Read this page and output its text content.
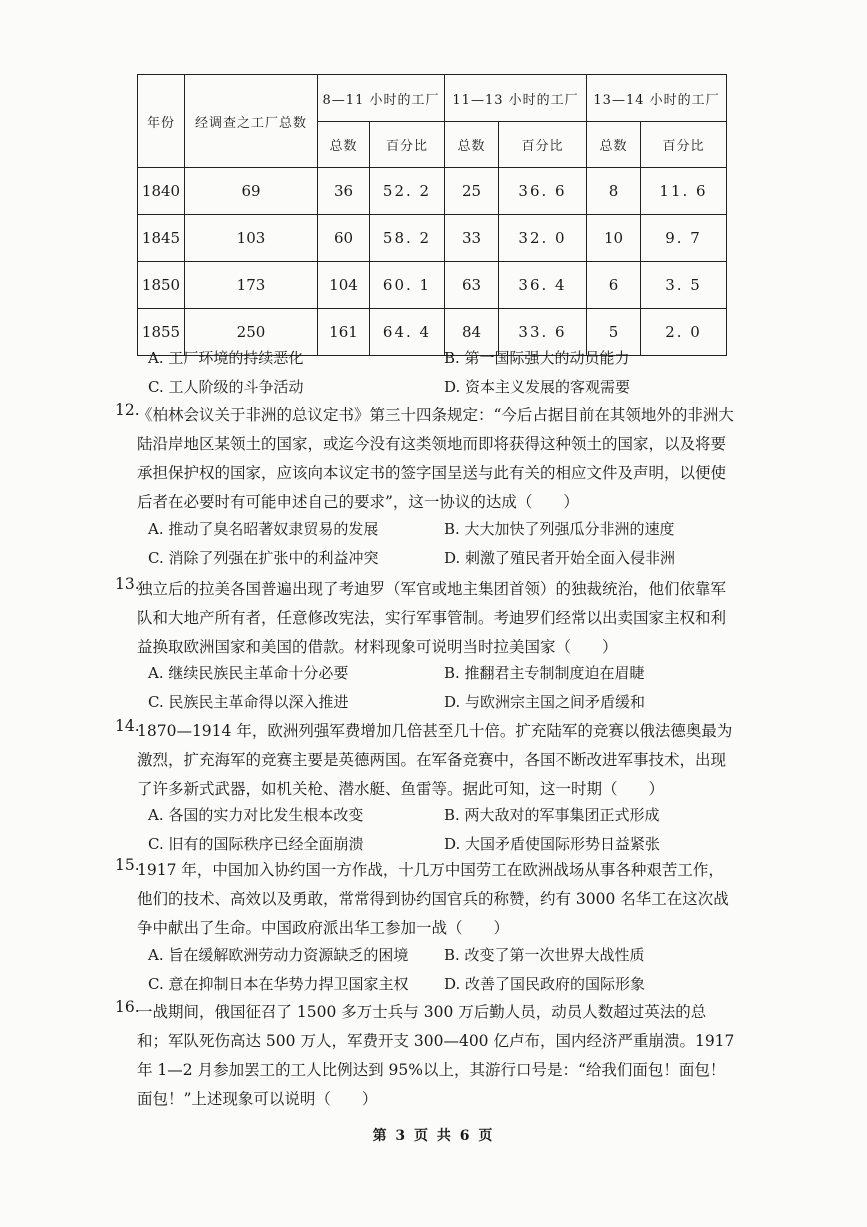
年份	经调查之工厂总数	8—11 小时的工厂		11—13 小时的工厂		13—14 小时的工厂	
		总数	百分比	总数	百分比	总数	百分比
1840	69	36	52. 2	25	36. 6	8	11. 6
1845	103	60	58. 2	33	32. 0	10	9. 7
1850	173	104	60. 1	63	36. 4	6	3. 5
1855	250	161	64. 4	84	33. 6	5	2. 0
A. 工厂环境的持续恶化	B. 第一国际强大的动员能力
C. 工人阶级的斗争活动	D. 资本主义发展的客观需要
12.

《柏林会议关于非洲的总议定书》第三十四条规定：“今后占据目前在其领地外的非洲大陆沿岸地区某领土的国家，或迄今没有这类领地而即将获得这种领土的国家，以及将要承担保护权的国家，应该向本议定书的签字国呈送与此有关的相应文件及声明，以便使后者在必要时有可能申述自己的要求”，这一协议的达成（　　）

A. 推动了臭名昭著奴隶贸易的发展	B. 大大加快了列强瓜分非洲的速度
C. 消除了列强在扩张中的利益冲突	D. 刺激了殖民者开始全面入侵非洲
13.

独立后的拉美各国普遍出现了考迪罗（军官或地主集团首领）的独裁统治，他们依靠军队和大地产所有者，任意修改宪法，实行军事管制。考迪罗们经常以出卖国家主权和利益换取欧洲国家和美国的借款。材料现象可说明当时拉美国家（　　）

A. 继续民族民主革命十分必要	B. 推翻君主专制制度迫在眉睫
C. 民族民主革命得以深入推进	D. 与欧洲宗主国之间矛盾缓和
14.

1870—1914 年，欧洲列强军费增加几倍甚至几十倍。扩充陆军的竞赛以俄法德奥最为激烈，扩充海军的竞赛主要是英德两国。在军备竞赛中，各国不断改进军事技术，出现了许多新式武器，如机关枪、潜水艇、鱼雷等。据此可知，这一时期（　　）

A. 各国的实力对比发生根本改变	B. 两大敌对的军事集团正式形成
C. 旧有的国际秩序已经全面崩溃	D. 大国矛盾使国际形势日益紧张
15.

1917 年，中国加入协约国一方作战，十几万中国劳工在欧洲战场从事各种艰苦工作，他们的技术、高效以及勇敢，常常得到协约国官兵的称赞，约有 3000 名华工在这次战争中献出了生命。中国政府派出华工参加一战（　　）

A. 旨在缓解欧洲劳动力资源缺乏的困境 B. 改变了第一次世界大战性质
C. 意在抑制日本在华势力捍卫国家主权 D. 改善了国民政府的国际形象
16.

一战期间，俄国征召了 1500 多万士兵与 300 万后勤人员，动员人数超过英法的总和；军队死伤高达 500 万人，军费开支 300—400 亿卢布，国内经济严重崩溃。1917 年 1—2 月参加罢工的工人比例达到 95%以上，其游行口号是：“给我们面包！面包！面包！”上述现象可以说明（　　）

第 3 页 共 6 页
